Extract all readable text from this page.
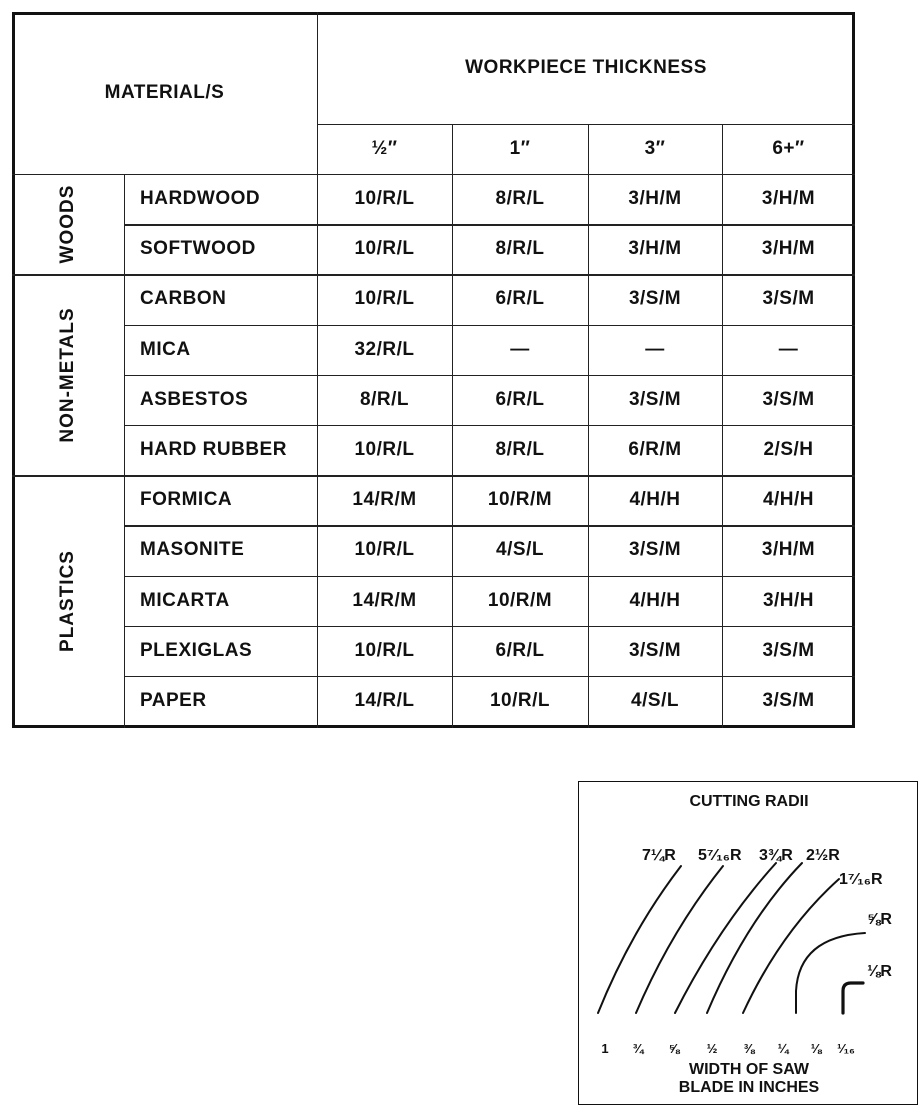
MATERIAL/S
WORKPIECE THICKNESS
½″	1″	3″	6+″
HARDWOOD	10/R/L	8/R/L	3/H/M	3/H/M
SOFTWOOD	10/R/L	8/R/L	3/H/M	3/H/M
WOODS
CARBON	10/R/L	6/R/L	3/S/M	3/S/M
MICA	32/R/L	—	—	—
ASBESTOS	8/R/L	6/R/L	3/S/M	3/S/M
HARD RUBBER	10/R/L	8/R/L	6/R/M	2/S/H
NON-METALS
FORMICA	14/R/M	10/R/M	4/H/H	4/H/H
MASONITE	10/R/L	4/S/L	3/S/M	3/H/M
MICARTA	14/R/M	10/R/M	4/H/H	3/H/H
PLEXIGLAS	10/R/L	6/R/L	3/S/M	3/S/M
PAPER	14/R/L	10/R/L	4/S/L	3/S/M
PLASTICS
CUTTING RADII
7¼R 5⁷⁄₁₆R 3¾R 2½R
1⁷⁄₁₆R
⅝R
⅛R
1 ¾ ⅝ ½ ⅜ ¼ ⅛ ¹⁄₁₆
WIDTH OF SAW
BLADE IN INCHES
